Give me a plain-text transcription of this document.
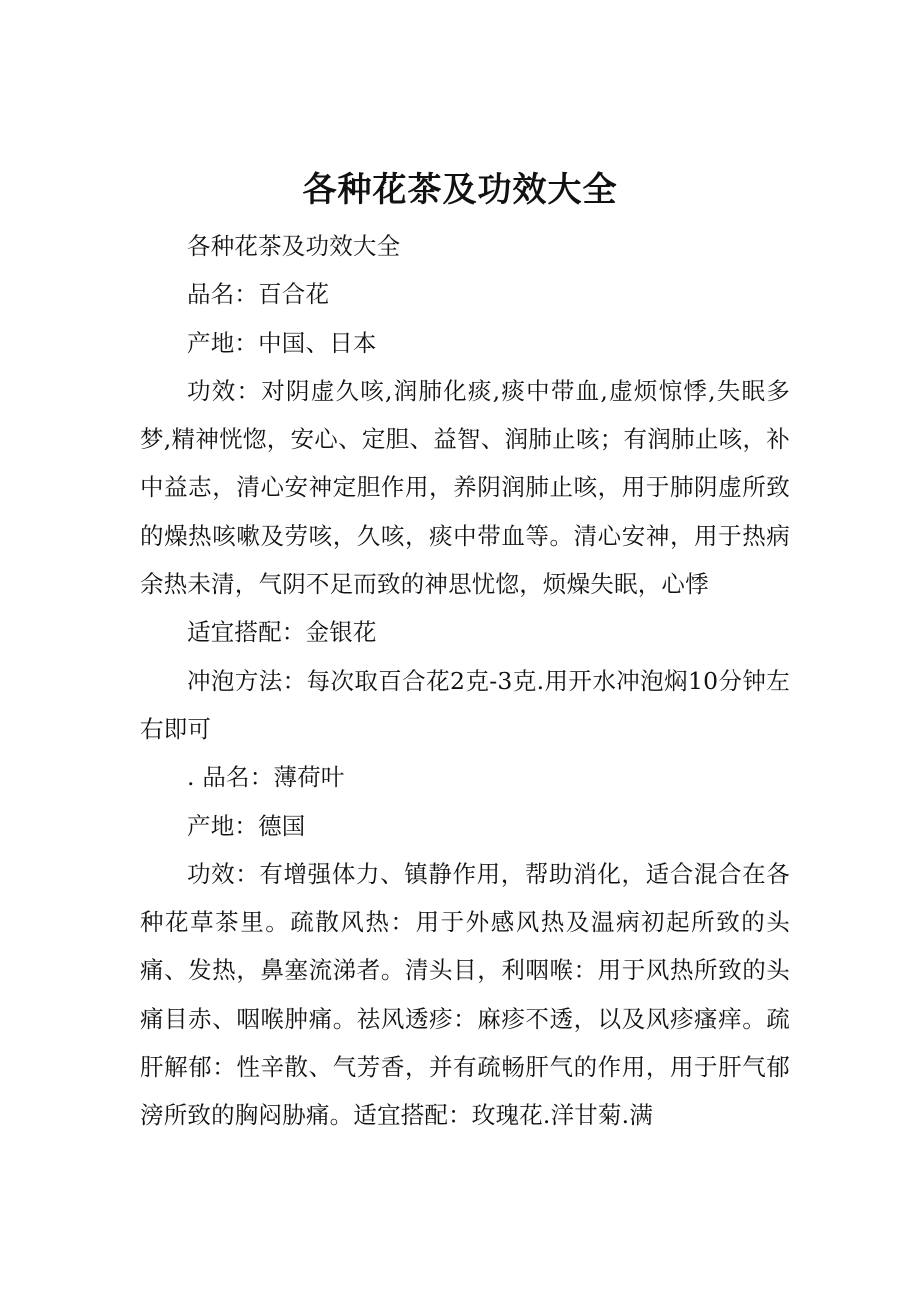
各种花茶及功效大全

各种花茶及功效大全

品名：百合花

产地：中国、日本

功效：对阴虚久咳,润肺化痰,痰中带血,虚烦惊悸,失眠多梦,精神恍惚，安心、定胆、益智、润肺止咳；有润肺止咳，补中益志，清心安神定胆作用，养阴润肺止咳，用于肺阴虚所致的燥热咳嗽及劳咳，久咳，痰中带血等。清心安神，用于热病余热未清，气阴不足而致的神思忧惚，烦燥失眠，心悸

适宜搭配：金银花

冲泡方法：每次取百合花2克-3克.用开水冲泡焖10分钟左右即可

. 品名：薄荷叶

产地：德国

功效：有增强体力、镇静作用，帮助消化，适合混合在各种花草茶里。疏散风热：用于外感风热及温病初起所致的头痛、发热，鼻塞流涕者。清头目，利咽喉：用于风热所致的头痛目赤、咽喉肿痛。祛风透疹：麻疹不透，以及风疹瘙痒。疏肝解郁：性辛散、气芳香，并有疏畅肝气的作用，用于肝气郁滂所致的胸闷胁痛。适宜搭配：玫瑰花.洋甘菊.满
